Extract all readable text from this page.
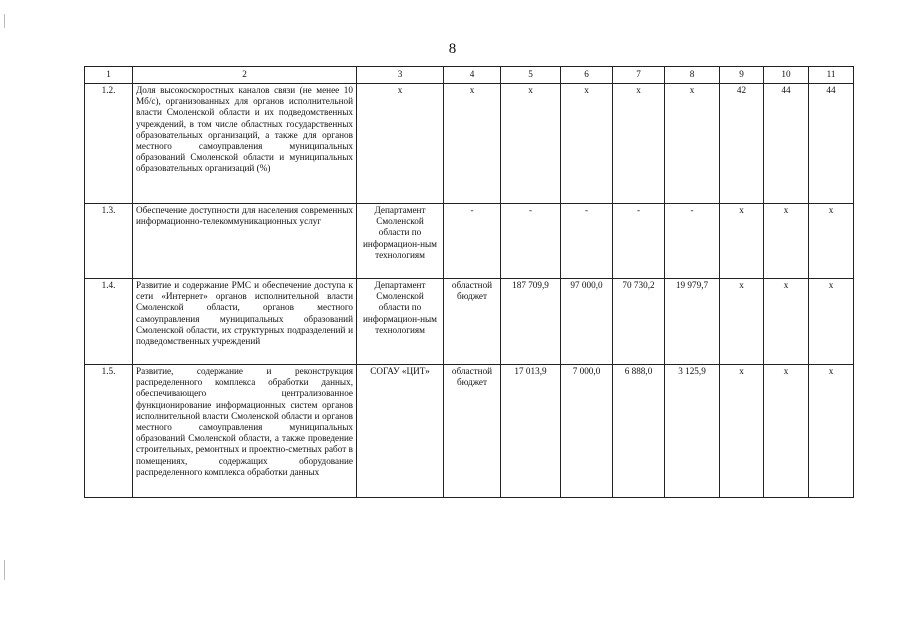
8
1	2	3	4	5	6	7	8	9	10	11
1.2.	Доля высокоскоростных каналов связи (не менее 10 Мб/с), организованных для органов исполнительной власти Смоленской области и их подведомственных учреждений, в том числе областных государственных образовательных организаций, а также для органов местного самоуправления муниципальных образований Смоленской области и муниципальных образовательных организаций (%)	x	x	x	x	x	x	42	44	44
1.3.	Обеспечение доступности для населения современных информационно-телекоммуникационных услуг	Департамент Смоленской области по информацион-ным технологиям	-	-	-	-	-	x	x	x
1.4.	Развитие и содержание РМС и обеспечение доступа к сети «Интернет» органов исполнительной власти Смоленской области, органов местного самоуправления муниципальных образований Смоленской области, их структурных подразделений и подведомственных учреждений	Департамент Смоленской области по информацион-ным технологиям	областной бюджет	187 709,9	97 000,0	70 730,2	19 979,7	x	x	x
1.5.	Развитие, содержание и реконструкция распределенного комплекса обработки данных, обеспечивающего централизованное функционирование информационных систем органов исполнительной власти Смоленской области и органов местного самоуправления муниципальных образований Смоленской области, а также проведение строительных, ремонтных и проектно-сметных работ в помещениях, содержащих оборудование распределенного комплекса обработки данных	СОГАУ «ЦИТ»	областной бюджет	17 013,9	7 000,0	6 888,0	3 125,9	x	x	x
